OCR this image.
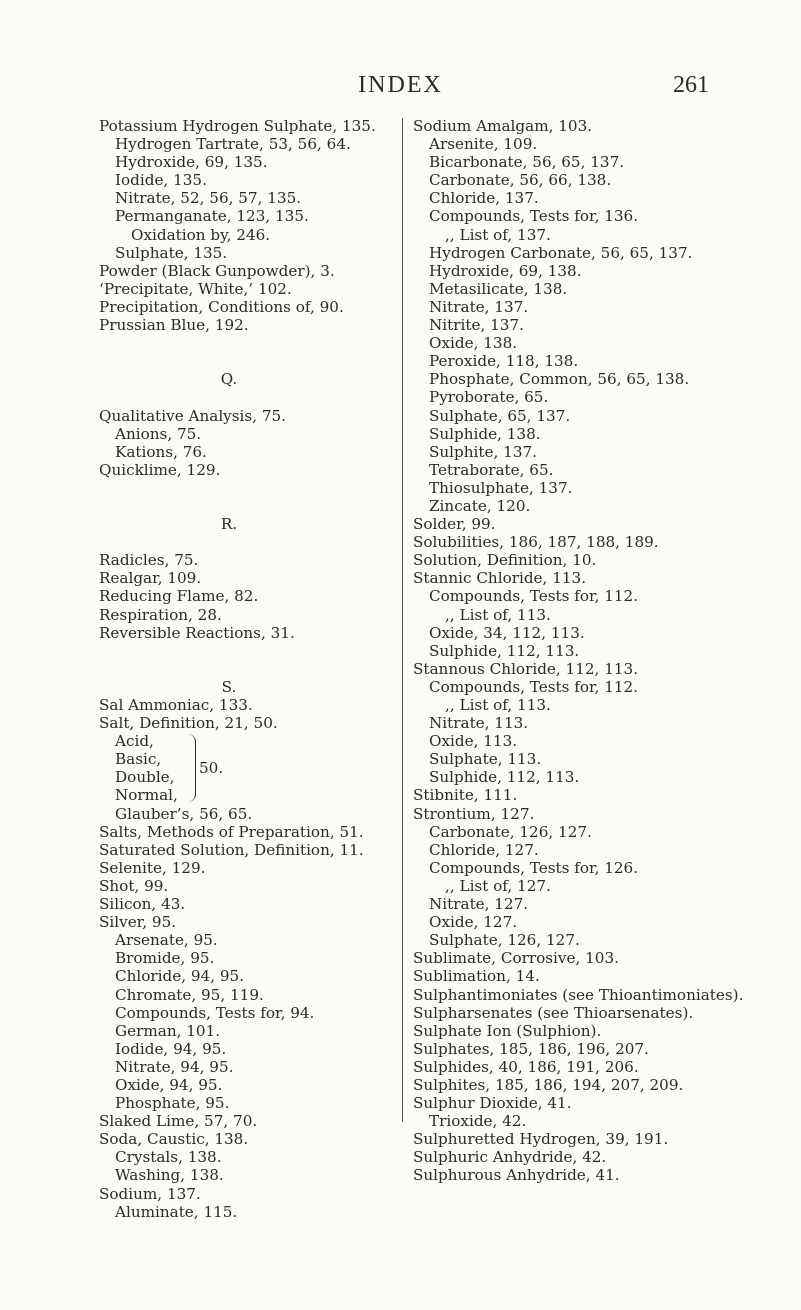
INDEX	261
Potassium Hydrogen Sulphate, 135.
Hydrogen Tartrate, 53, 56, 64.
Hydroxide, 69, 135.
Iodide, 135.
Nitrate, 52, 56, 57, 135.
Permanganate, 123, 135.
Oxidation by, 246.
Sulphate, 135.
Powder (Black Gunpowder), 3.
‘Precipitate, White,’ 102.
Precipitation, Conditions of, 90.
Prussian Blue, 192.
Q.
Qualitative Analysis, 75.
Anions, 75.
Kations, 76.
Quicklime, 129.
R.
Radicles, 75.
Realgar, 109.
Reducing Flame, 82.
Respiration, 28.
Reversible Reactions, 31.
S.
Sal Ammoniac, 133.
Salt, Definition, 21, 50.
Acid,
Basic,
Double,
Normal,
50.
Glauber’s, 56, 65.
Salts, Methods of Preparation, 51.
Saturated Solution, Definition, 11.
Selenite, 129.
Shot, 99.
Silicon, 43.
Silver, 95.
Arsenate, 95.
Bromide, 95.
Chloride, 94, 95.
Chromate, 95, 119.
Compounds, Tests for, 94.
German, 101.
Iodide, 94, 95.
Nitrate, 94, 95.
Oxide, 94, 95.
Phosphate, 95.
Slaked Lime, 57, 70.
Soda, Caustic, 138.
Crystals, 138.
Washing, 138.
Sodium, 137.
Aluminate, 115.
Sodium Amalgam, 103.
Arsenite, 109.
Bicarbonate, 56, 65, 137.
Carbonate, 56, 66, 138.
Chloride, 137.
Compounds, Tests for, 136.
,, List of, 137.
Hydrogen Carbonate, 56, 65, 137.
Hydroxide, 69, 138.
Metasilicate, 138.
Nitrate, 137.
Nitrite, 137.
Oxide, 138.
Peroxide, 118, 138.
Phosphate, Common, 56, 65, 138.
Pyroborate, 65.
Sulphate, 65, 137.
Sulphide, 138.
Sulphite, 137.
Tetraborate, 65.
Thiosulphate, 137.
Zincate, 120.
Solder, 99.
Solubilities, 186, 187, 188, 189.
Solution, Definition, 10.
Stannic Chloride, 113.
Compounds, Tests for, 112.
,, List of, 113.
Oxide, 34, 112, 113.
Sulphide, 112, 113.
Stannous Chloride, 112, 113.
Compounds, Tests for, 112.
,, List of, 113.
Nitrate, 113.
Oxide, 113.
Sulphate, 113.
Sulphide, 112, 113.
Stibnite, 111.
Strontium, 127.
Carbonate, 126, 127.
Chloride, 127.
Compounds, Tests for, 126.
,, List of, 127.
Nitrate, 127.
Oxide, 127.
Sulphate, 126, 127.
Sublimate, Corrosive, 103.
Sublimation, 14.
Sulphantimoniates (see Thioantimoniates).
Sulpharsenates (see Thioarsenates).
Sulphate Ion (Sulphion).
Sulphates, 185, 186, 196, 207.
Sulphides, 40, 186, 191, 206.
Sulphites, 185, 186, 194, 207, 209.
Sulphur Dioxide, 41.
Trioxide, 42.
Sulphuretted Hydrogen, 39, 191.
Sulphuric Anhydride, 42.
Sulphurous Anhydride, 41.
